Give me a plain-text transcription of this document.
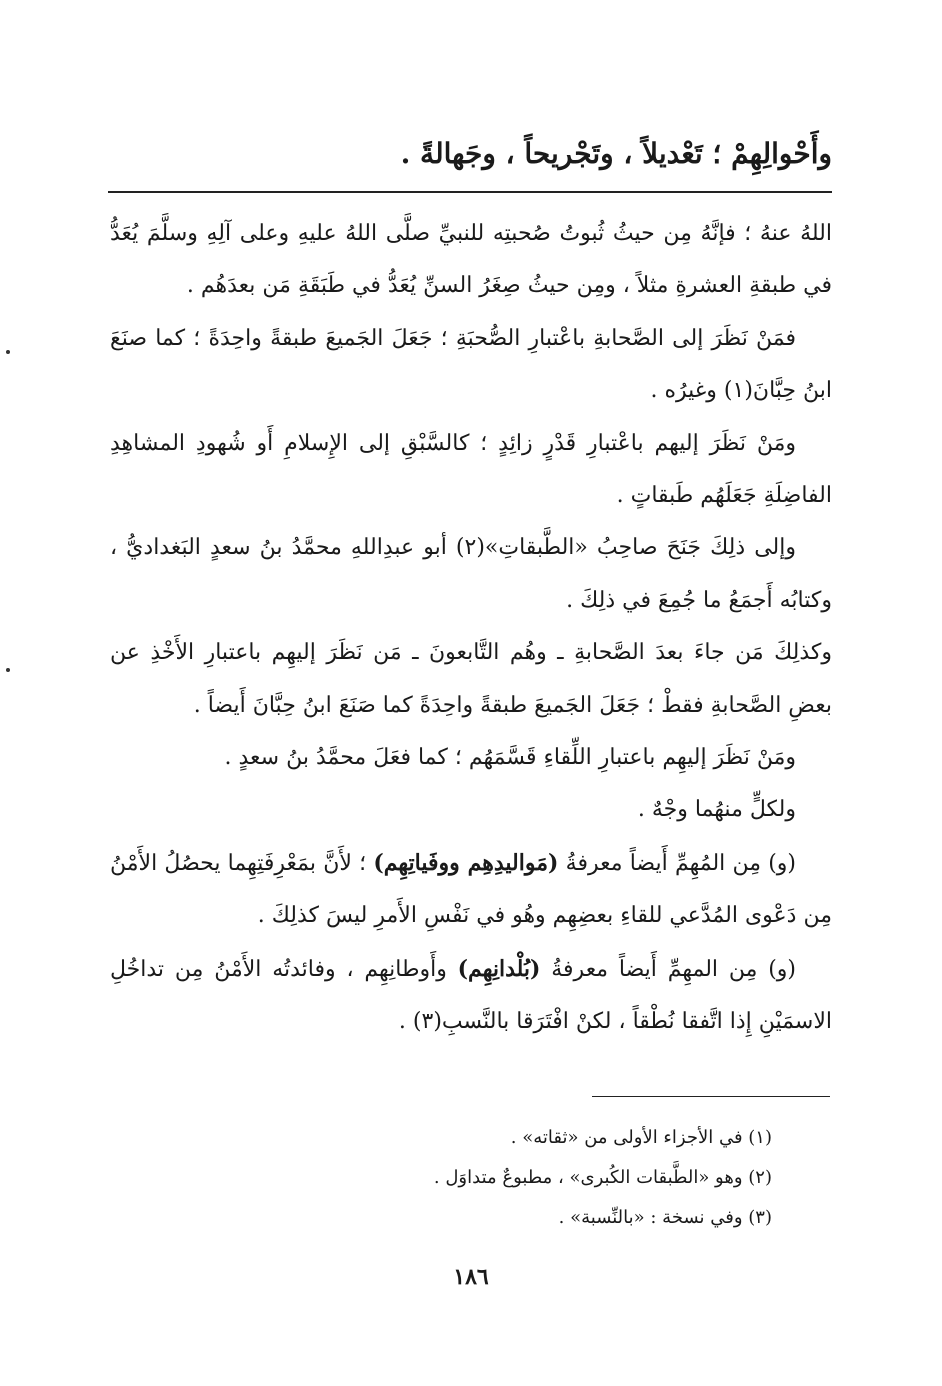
وأَحْوالِهِمْ ؛ تَعْديلاً ، وتَجْريحاً ، وجَهالةً .

اللهُ عنهُ ؛ فإنَّهُ مِن حيثُ ثُبوتُ صُحبتِه للنبيِّ صلَّى اللهُ عليهِ وعلى آلِهِ وسلَّمَ يُعَدُّ في طبقةِ العشرةِ مثلاً ، ومِن حيثُ صِغَرُ السنِّ يُعَدُّ في طَبَقَةِ مَن بعدَهُم .

فمَنْ نَظَرَ إلى الصَّحابةِ باعْتبارِ الصُّحبَةِ ؛ جَعَلَ الجَميعَ طبقةً واحِدَةً ؛ كما صنَعَ ابنُ حِبَّانَ(١) وغيرُه .

ومَنْ نَظَرَ إليهم باعْتبارِ قَدْرٍ زائِدٍ ؛ كالسَّبْقِ إلى الإِسلامِ أَو شُهودِ المشاهِدِ الفاضِلَةِ جَعَلَهُم طَبقاتٍ .

وإلى ذلِكَ جَنَحَ صاحِبُ «الطَّبقاتِ»(٢) أبو عبدِاللهِ محمَّدُ بنُ سعدٍ البَغداديُّ ، وكتابُه أَجمَعُ ما جُمِعَ في ذلِكَ .

وكذلِكَ مَن جاءَ بعدَ الصَّحابةِ ـ وهُم التَّابعونَ ـ مَن نَظَرَ إليهِم باعتبارِ الأَخْذِ عن بعضِ الصَّحابةِ فقطْ ؛ جَعَلَ الجَميعَ طبقةً واحِدَةً كما صَنَعَ ابنُ حِبَّانَ أَيضاً .

ومَنْ نَظَرَ إليهِم باعتبارِ اللِّقاءِ قَسَّمَهُم ؛ كما فعَلَ محمَّدُ بنُ سعدٍ .

ولكلٍّ منهُما وجْهٌ .

(و) مِن المُهِمِّ أَيضاً معرفةُ (مَواليدِهِم ووفَياتِهِم) ؛ لأَنَّ بمَعْرِفَتِهِما يحصُلُ الأَمْنُ مِن دَعْوى المُدَّعي للقاءِ بعضِهِم وهُو في نَفْسِ الأَمرِ ليسَ كذلِكَ .

(و) مِن المهِمِّ أَيضاً معرفةُ (بُلْدانِهِم) وأَوطانِهِم ، وفائدتُه الأَمْنُ مِن تداخُلِ الاسمَيْنِ إِذا اتَّفقا نُطْقاً ، لكنْ افْتَرَقا بالنَّسبِ(٣) .

(١) في الأجزاء الأولى من «ثقاته» .
(٢) وهو «الطَّبقات الكُبرى» ، مطبوعٌ متداوَل .
(٣) وفي نسخة : «بالنِّسبة» .
١٨٦
